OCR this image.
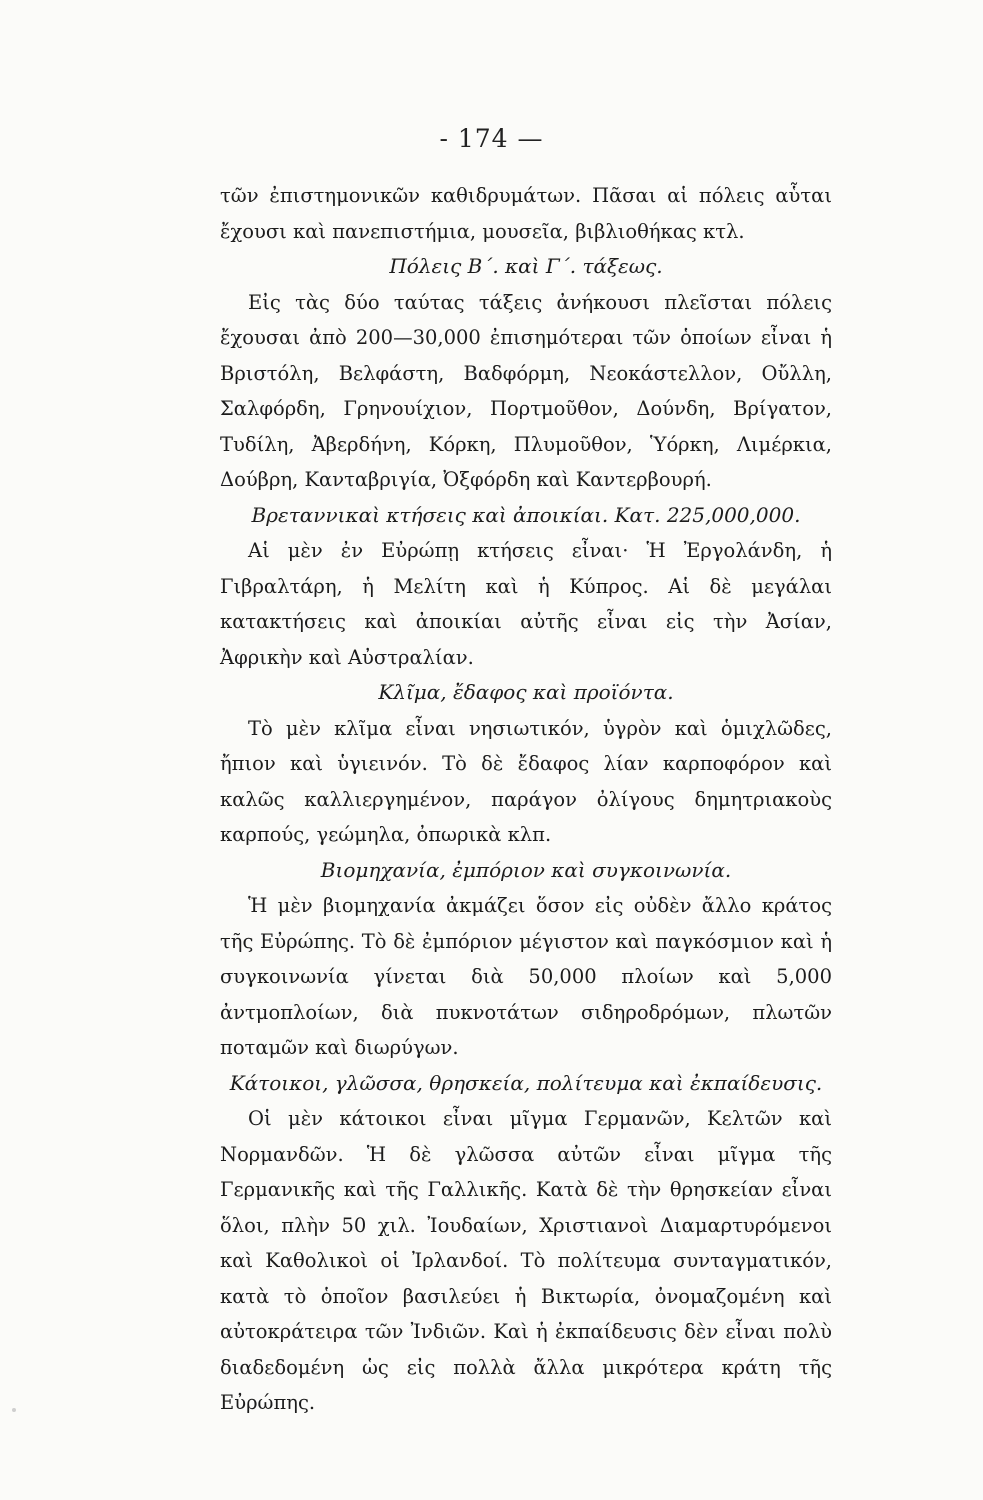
- 174 —

τῶν ἐπιστημονικῶν καθιδρυμάτων. Πᾶσαι αἱ πόλεις αὗται ἔχουσι καὶ πανεπιστήμια, μουσεῖα, βιβλιοθήκας κτλ.

Πόλεις Β΄. καὶ Γ΄. τάξεως.

Εἰς τὰς δύο ταύτας τάξεις ἀνήκουσι πλεῖσται πόλεις ἔχουσαι ἀπὸ 200—30,000 ἐπισημότεραι τῶν ὁποίων εἶναι ἡ Βριστόλη, Βελφάστη, Βαδφόρμη, Νεοκάστελλον, Οὔλλη, Σαλφόρδη, Γρηνουίχιον, Πορτμοῦθον, Δούνδη, Βρίγατον, Τυδίλη, Ἀβερδήνη, Κόρκη, Πλυμοῦθον, Ὑόρκη, Λιμέρκια, Δούβρη, Κανταβριγία, Ὀξφόρδη καὶ Καντερβουρή.

Βρεταννικαὶ κτήσεις καὶ ἀποικίαι. Κατ. 225,000,000.

Αἱ μὲν ἐν Εὐρώπῃ κτήσεις εἶναι· Ἡ Ἐργολάνδη, ἡ Γιβραλτάρη, ἡ Μελίτη καὶ ἡ Κύπρος. Αἱ δὲ μεγάλαι κατακτήσεις καὶ ἀποικίαι αὐτῆς εἶναι εἰς τὴν Ἀσίαν, Ἀφρικὴν καὶ Αὐστραλίαν.

Κλῖμα, ἔδαφος καὶ προϊόντα.

Τὸ μὲν κλῖμα εἶναι νησιωτικόν, ὑγρὸν καὶ ὁμιχλῶδες, ἤπιον καὶ ὑγιεινόν. Τὸ δὲ ἔδαφος λίαν καρποφόρον καὶ καλῶς καλλιεργημένον, παράγον ὀλίγους δημητριακοὺς καρπούς, γεώμηλα, ὀπωρικὰ κλπ.

Βιομηχανία, ἐμπόριον καὶ συγκοινωνία.

Ἡ μὲν βιομηχανία ἀκμάζει ὅσον εἰς οὐδὲν ἄλλο κράτος τῆς Εὐρώπης. Τὸ δὲ ἐμπόριον μέγιστον καὶ παγκόσμιον καὶ ἡ συγκοινωνία γίνεται διὰ 50,000 πλοίων καὶ 5,000 ἀντμοπλοίων, διὰ πυκνοτάτων σιδηροδρόμων, πλωτῶν ποταμῶν καὶ διωρύγων.

Κάτοικοι, γλῶσσα, θρησκεία, πολίτευμα καὶ ἐκπαίδευσις.

Οἱ μὲν κάτοικοι εἶναι μῖγμα Γερμανῶν, Κελτῶν καὶ Νορμανδῶν. Ἡ δὲ γλῶσσα αὐτῶν εἶναι μῖγμα τῆς Γερμανικῆς καὶ τῆς Γαλλικῆς. Κατὰ δὲ τὴν θρησκείαν εἶναι ὅλοι, πλὴν 50 χιλ. Ἰουδαίων, Χριστιανοὶ Διαμαρτυρόμενοι καὶ Καθολικοὶ οἱ Ἰρλανδοί. Τὸ πολίτευμα συνταγματικόν, κατὰ τὸ ὁποῖον βασιλεύει ἡ Βικτωρία, ὀνομαζομένη καὶ αὐτοκράτειρα τῶν Ἰνδιῶν. Καὶ ἡ ἐκπαίδευσις δὲν εἶναι πολὺ διαδεδομένη ὡς εἰς πολλὰ ἄλλα μικρότερα κράτη τῆς Εὐρώπης.
